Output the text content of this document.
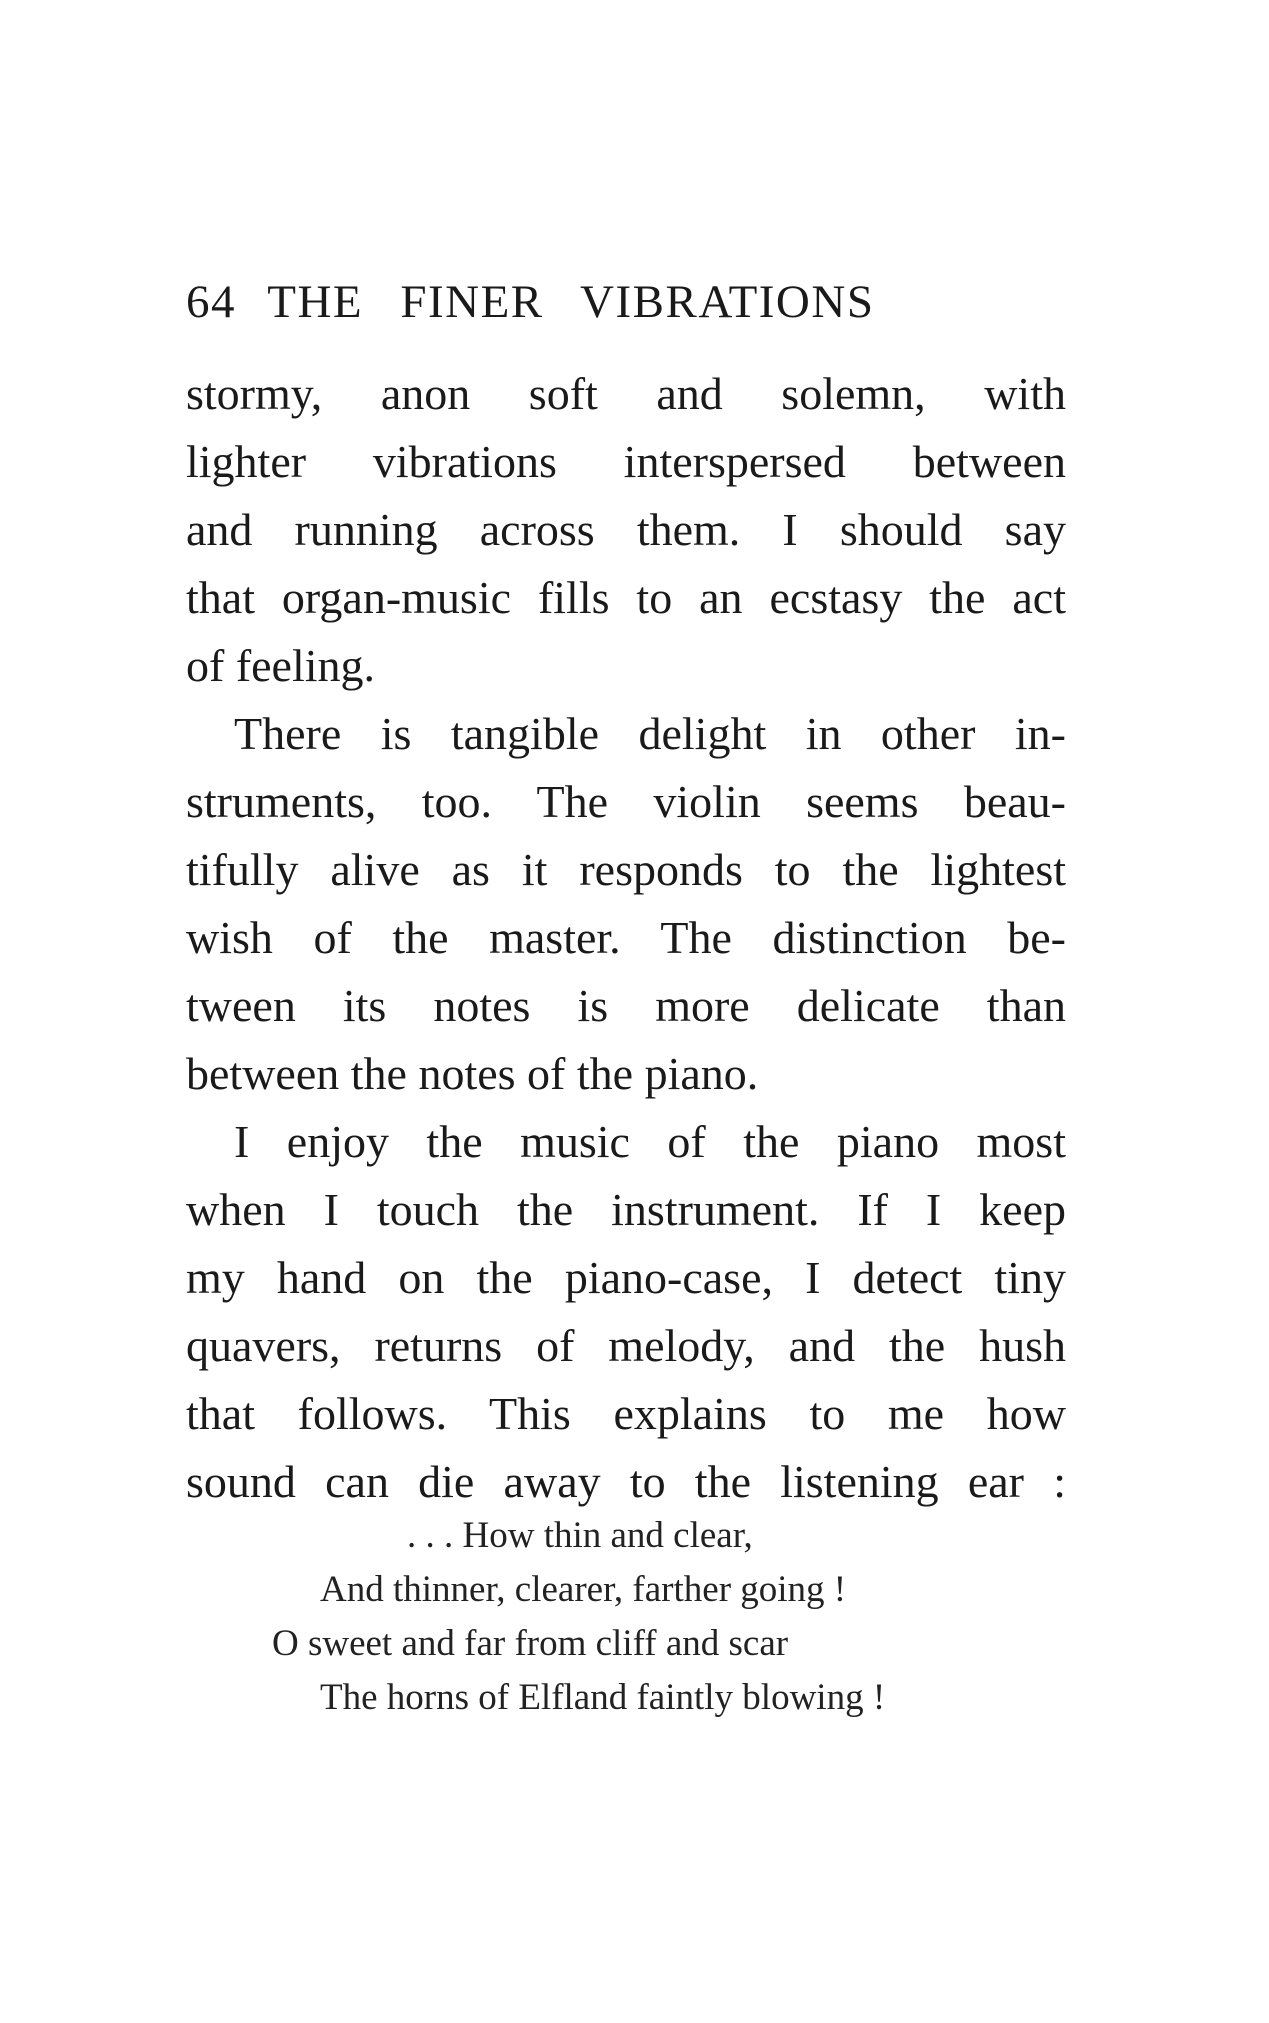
64 THE FINER VIBRATIONS
stormy, anon soft and solemn, with
lighter vibrations interspersed between
and running across them. I should say
that organ-music fills to an ecstasy the act
of feeling.
There is tangible delight in other in-
struments, too. The violin seems beau-
tifully alive as it responds to the lightest
wish of the master. The distinction be-
tween its notes is more delicate than
between the notes of the piano.
I enjoy the music of the piano most
when I touch the instrument. If I keep
my hand on the piano-case, I detect tiny
quavers, returns of melody, and the hush
that follows. This explains to me how
sound can die away to the listening ear :
. . . How thin and clear,
And thinner, clearer, farther going !
O sweet and far from cliff and scar
The horns of Elfland faintly blowing !
